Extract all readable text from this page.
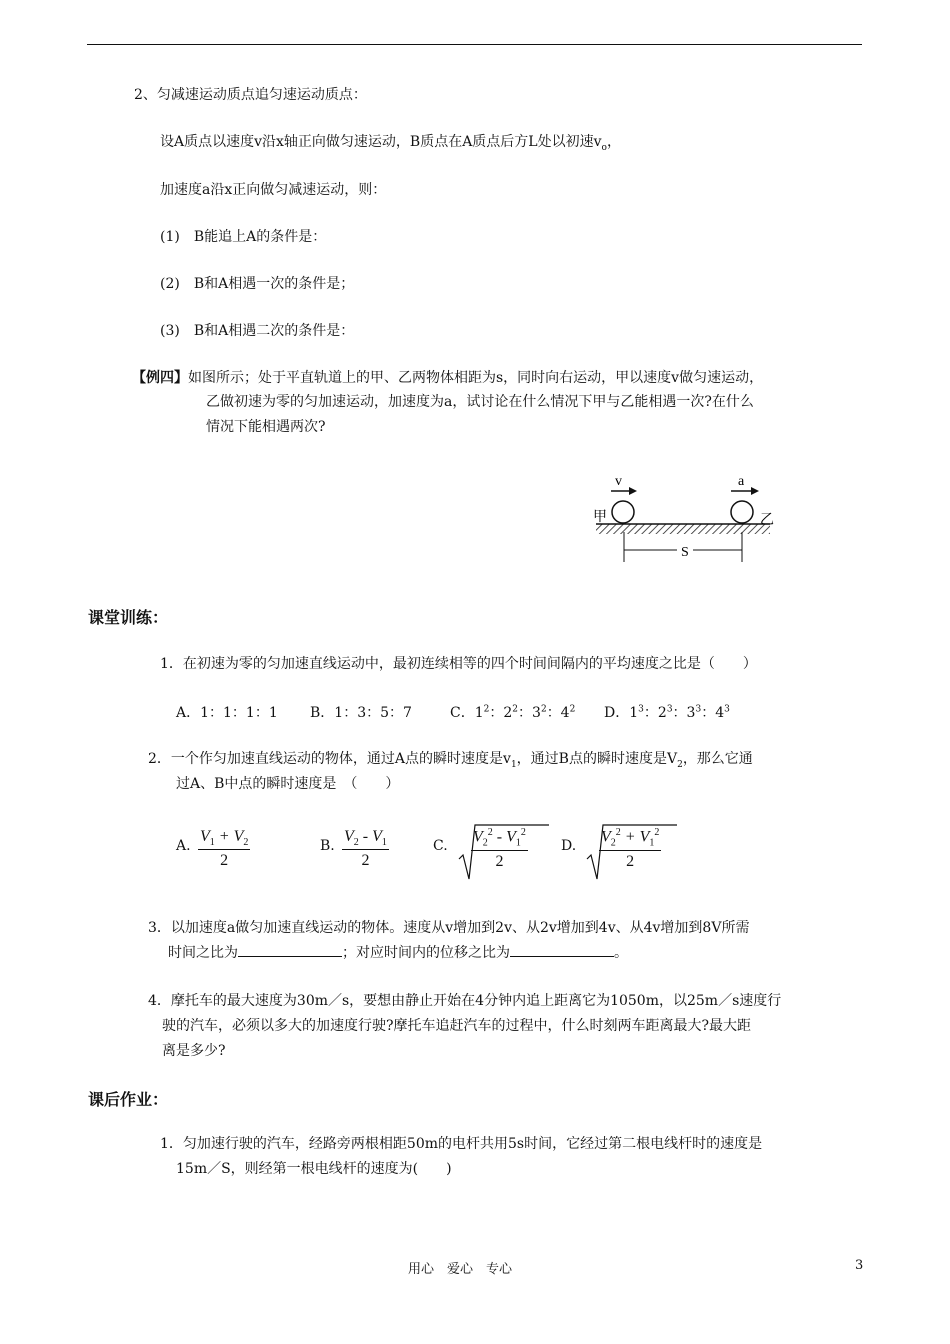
2、匀减速运动质点追匀速运动质点：
设A质点以速度v沿x轴正向做匀速运动，B质点在A质点后方L处以初速$v_o$，
加速度a沿x正向做匀减速运动，则：
(1)　B能追上A的条件是：
(2)　B和A相遇一次的条件是；
(3)　B和A相遇二次的条件是：
【例四】如图所示；处于平直轨道上的甲、乙两物体相距为s，同时向右运动，甲以速度v做匀速运动，
乙做初速为零的匀加速运动，加速度为a，试讨论在什么情况下甲与乙能相遇一次?在什么
情况下能相遇两次?
v	a
甲	乙
S
课堂训练：
1．在初速为零的匀加速直线运动中，最初连续相等的四个时间间隔内的平均速度之比是（　　）
A．1：1：1：1 B．1：3：5：7	C．$1^2$：$2^2$：$3^2$：$4^2$ D．$1^3$：$2^3$：$3^3$：$4^3$
2．一个作匀加速直线运动的物体，通过A点的瞬时速度是$v_1$，通过B点的瞬时速度是$V_2$，那么它通
过A、B中点的瞬时速度是　（　　）
A. $\frac{V_1 + V_2}{2}$	B. $\frac{V_2 - V_1}{2}$	C. $\frac{V_2^2 - V_1^2}{2} D$. $\frac{V_2^2 + V_1^2}{2}$
3．以加速度a做匀加速直线运动的物体。速度从v增加到2v、从2v增加到4v、从4v增加到8V所需
时间之比为	；对应时间内的位移之比为	。
4．摩托车的最大速度为30m／s，要想由静止开始在4分钟内追上距离它为1050m，以25m／s速度行
驶的汽车，必须以多大的加速度行驶?摩托车追赶汽车的过程中，什么时刻两车距离最大?最大距
离是多少?
课后作业：
1．匀加速行驶的汽车，经路旁两根相距50m的电杆共用5s时间，它经过第二根电线杆时的速度是
15m／S，则经第一根电线杆的速度为(　　)
用心　爱心　专心	3
